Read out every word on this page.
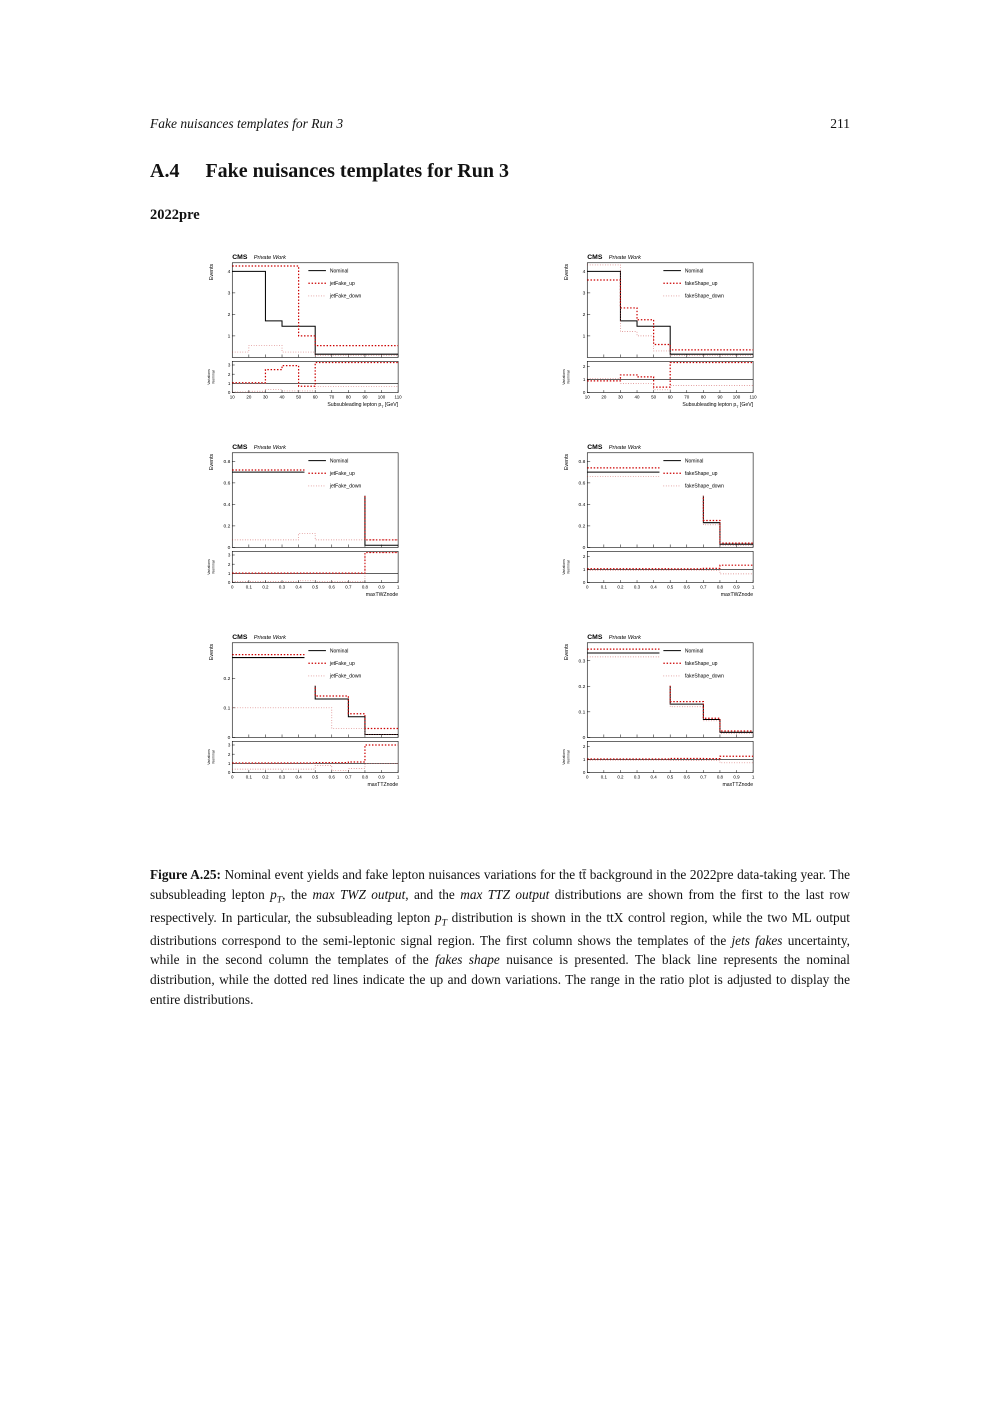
Fake nuisances templates for Run 3	211
A.4 Fake nuisances templates for Run 3
2022pre
1
2
3
4	Nominal
jetFake_up
jetFake_down
CMS Private Work
Events
0
1
2
3
VariationsNominal
10	20	30	40	50	60	70	80	90 100 110
Subsubleading lepton $p_T$ [GeV]
1
2
3
4	Nominal
fakeShape_up
fakeShape_down
CMS Private Work
Events
0
1
2
VariationsNominal
10	20	30	40	50	60	70	80	90 100 110
Subsubleading lepton $p_T$ [GeV]
0
0.2
0.4
0.6
0.8	Nominal
jetFake_up
jetFake_down
CMS Private Work
Events
0
1
2
3
VariationsNominal
0	0.1 0.2 0.3 0.4 0.5 0.6 0.7 0.8 0.9	1
maxTWZnode
0
0.2
0.4
0.6
0.8	Nominal
fakeShape_up
fakeShape_down
CMS Private Work
Events
0
1
2
VariationsNominal
0	0.1 0.2 0.3 0.4 0.5 0.6 0.7 0.8 0.9	1
maxTWZnode
0
0.1
0.2
Nominal
jetFake_up
jetFake_down
CMS Private Work
Events
0
1
2
3
VariationsNominal
0	0.1 0.2 0.3 0.4 0.5 0.6 0.7 0.8 0.9	1
maxTTZnode
0
0.1
0.2
0.3
Nominal
fakeShape_up
fakeShape_down
CMS Private Work
Events
0
1
2
VariationsNominal
0	0.1 0.2 0.3 0.4 0.5 0.6 0.7 0.8 0.9	1
maxTTZnode

Figure A.25: Nominal event yields and fake lepton nuisances variations for the tt̄ background in the 2022pre data-taking year. The subsubleading lepton $p_T$, the max TWZ output, and the max TTZ output distributions are shown from the first to the last row respectively. In particular, the subsubleading lepton $p_T$ distribution is shown in the ttX control region, while the two ML output distributions correspond to the semi-leptonic signal region. The first column shows the templates of the jets fakes uncertainty, while in the second column the templates of the fakes shape nuisance is presented. The black line represents the nominal distribution, while the dotted red lines indicate the up and down variations. The range in the ratio plot is adjusted to display the entire distributions.
